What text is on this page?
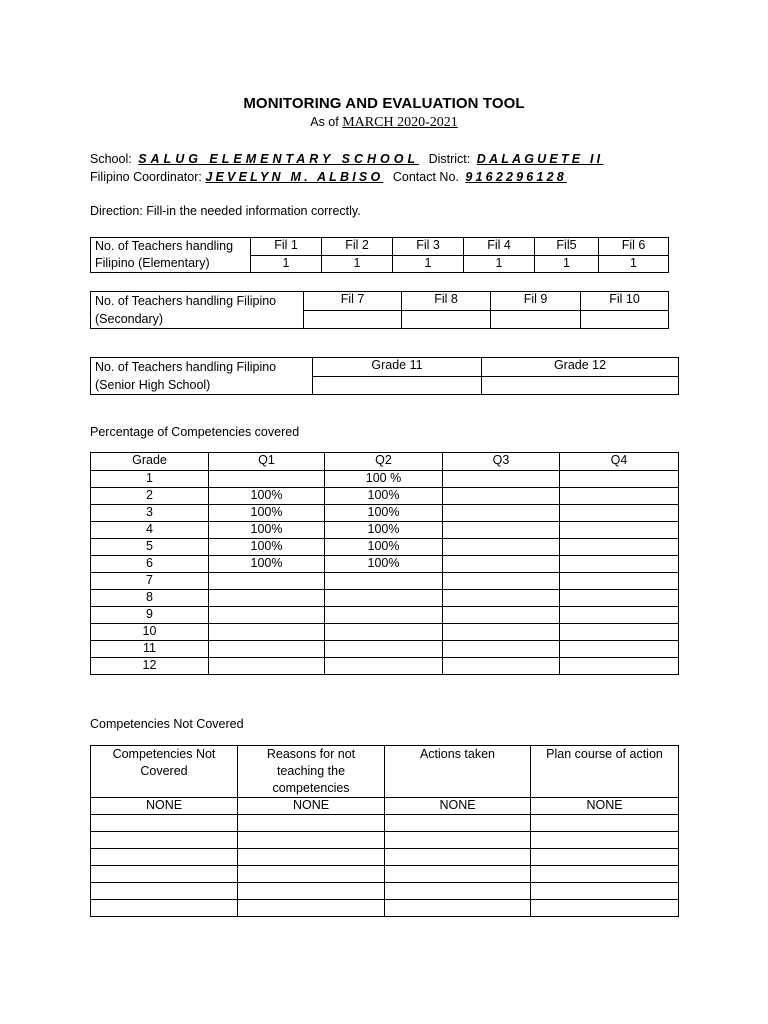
MONITORING AND EVALUATION TOOL
As of MARCH 2020-2021
School: SALUG ELEMENTARY SCHOOL District: DALAGUETE II
Filipino Coordinator: JEVELYN M. ALBISO Contact No. 9162296128
Direction: Fill-in the needed information correctly.
No. of Teachers handling Filipino (Elementary)	Fil 1	Fil 2	Fil 3	Fil 4	Fil5	Fil 6
	1	1	1	1	1	1
No. of Teachers handling Filipino (Secondary)	Fil 7	Fil 8	Fil 9	Fil 10

No. of Teachers handling Filipino (Senior High School)	Grade 11	Grade 12

Percentage of Competencies covered
Grade	Q1	Q2	Q3	Q4
1		100 %		
2	100%	100%		
3	100%	100%		
4	100%	100%		
5	100%	100%		
6	100%	100%		
7				
8				
9				
10				
11				
12				
Competencies Not Covered
Competencies Not Covered	Reasons for not teaching the competencies	Actions taken	Plan course of action
NONE	NONE	NONE	NONE
